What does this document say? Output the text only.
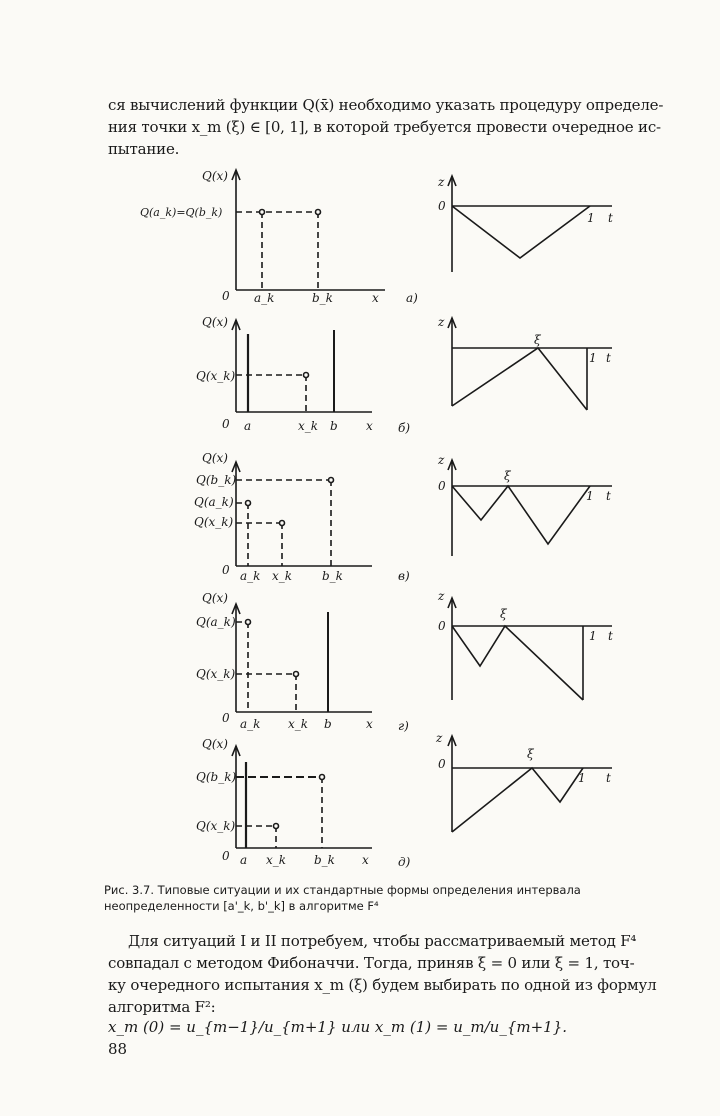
ся вычислений функции Q(x̄) необходимо указать процедуру определе-
ния точки x_m (ξ) ∈ [0, 1], в которой требуется провести очередное ис-
пытание.
Q(x)
Q(a_k)=Q(b_k)
0 a_k	b_k	x а)
z
0
1 t
Q(x)
Q(x_k)
0 a	x_k b x б)
z
ξ
1 t
Q(x)
Q(b_k)
Q(a_k)
Q(x_k)
0 a_k x_k b_k	в)
z
0
ξ
1 t
Q(x)
Q(a_k)
Q(x_k)
0 a_k x_k b	x г)
z
0
ξ
1 t
Q(x)
Q(b_k)
Q(x_k)
0 a x_k b_k x д)
z
0
ξ
1 t
Рис. 3.7. Типовые ситуации и их стандартные формы определения интервала
неопределенности [a'_k, b'_k] в алгоритме F⁴
Для ситуаций I и II потребуем, чтобы рассматриваемый метод F⁴
совпадал с методом Фибоначчи. Тогда, приняв ξ = 0 или ξ = 1, точ-
ку очередного испытания x_m (ξ) будем выбирать по одной из формул
алгоритма F²:
x_m (0) = u_{m−1}/u_{m+1} или x_m (1) = u_m/u_{m+1}.
88
